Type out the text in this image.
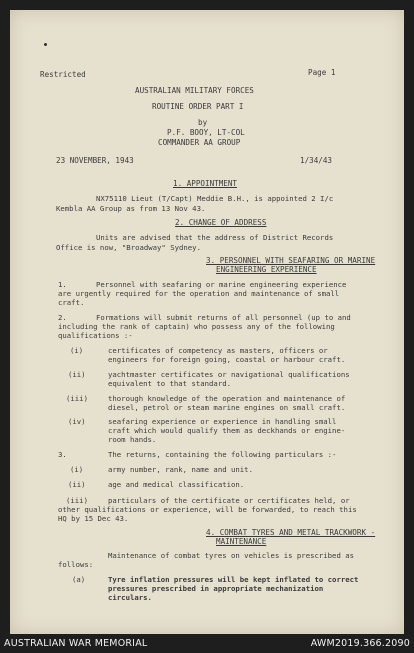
Restricted	Page 1
AUSTRALIAN MILITARY FORCES
ROUTINE ORDER PART I
by
P.F. BOOY, LT-COL
COMMANDER AA GROUP
23 NOVEMBER, 1943	1/34/43
1. APPOINTMENT
NX75110 Lieut (T/Capt) Meddie B.H., is appointed 2 I/c
Kembla AA Group as from 13 Nov 43.
2. CHANGE OF ADDRESS
Units are advised that the address of District Records
Office is now, "Broadway" Sydney.
3. PERSONNEL WITH SEAFARING OR MARINE
ENGINEERING EXPERIENCE
1.	Personnel with seafaring or marine engineering experience
are urgently required for the operation and maintenance of small
craft.
2.	Formations will submit returns of all personnel (up to and
including the rank of captain) who possess any of the following
qualifications :-
(i)	certificates of competency as masters, officers or
engineers for foreign going, coastal or harbour craft.
(ii)	yachtmaster certificates or navigational qualifications
equivalent to that standard.
(iii)	thorough knowledge of the operation and maintenance of
diesel, petrol or steam marine engines on small craft.
(iv)	seafaring experience or experience in handling small
craft which would qualify them as deckhands or engine-
room hands.
3.	The returns, containing the following particulars :-
(i)	army number, rank, name and unit.
(ii)	age and medical classification.
(iii)	particulars of the certificate or certificates held, or
other qualifications or experience, will be forwarded, to reach this
HQ by 15 Dec 43.
4. COMBAT TYRES AND METAL TRACKWORK -
MAINTENANCE
Maintenance of combat tyres on vehicles is prescribed as
follows:
(a)	Tyre inflation pressures will be kept inflated to correct
pressures prescribed in appropriate mechanization
circulars.
AUSTRALIAN WAR MEMORIAL	AWM2019.366.2090
